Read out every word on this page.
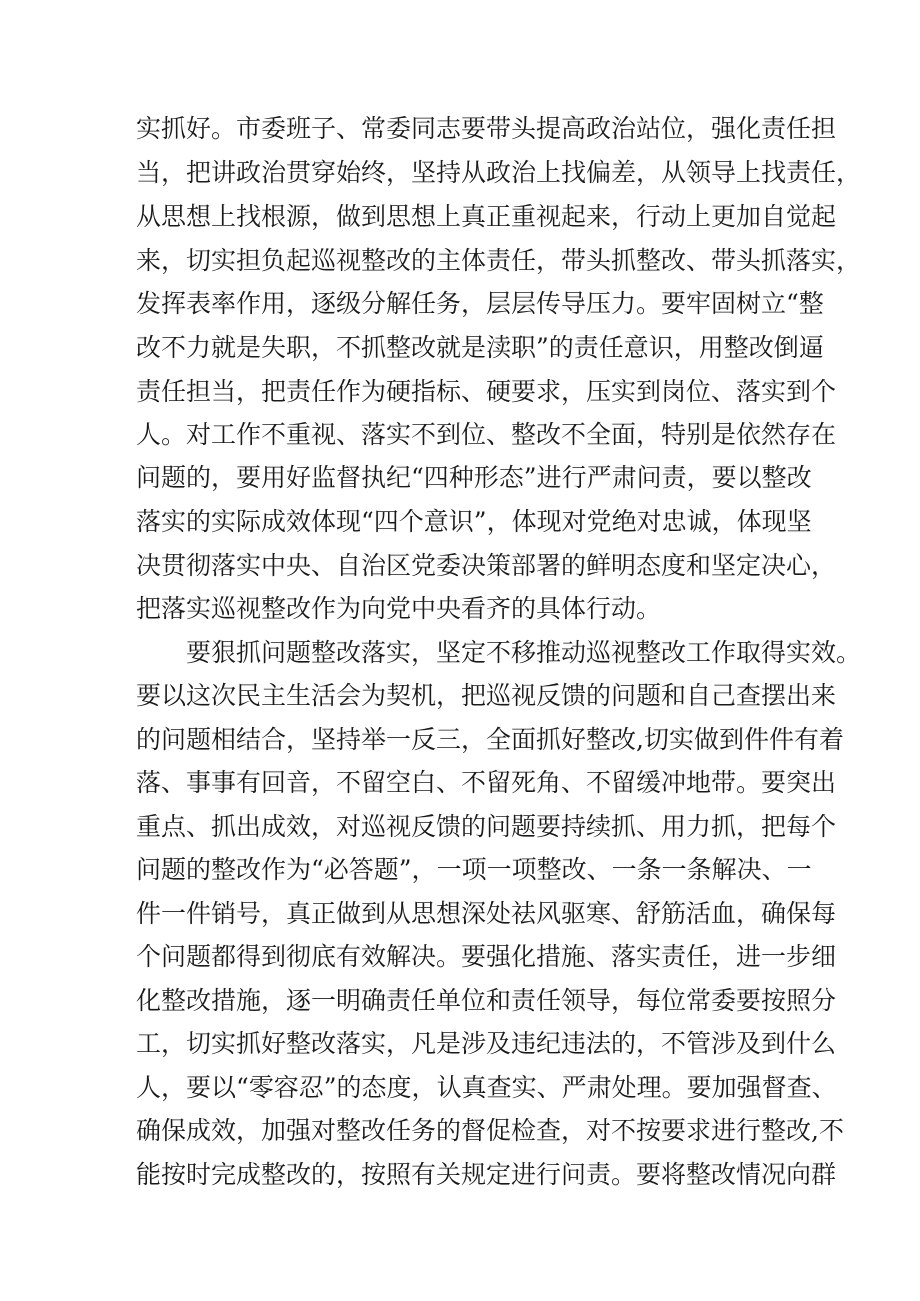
实抓好。市委班子、常委同志要带头提高政治站位，强化责任担
当，把讲政治贯穿始终，坚持从政治上找偏差，从领导上找责任，
从思想上找根源，做到思想上真正重视起来，行动上更加自觉起
来，切实担负起巡视整改的主体责任，带头抓整改、带头抓落实，
发挥表率作用，逐级分解任务，层层传导压力。要牢固树立“整
改不力就是失职，不抓整改就是渎职”的责任意识，用整改倒逼
责任担当，把责任作为硬指标、硬要求，压实到岗位、落实到个
人。对工作不重视、落实不到位、整改不全面，特别是依然存在
问题的，要用好监督执纪“四种形态”进行严肃问责，要以整改
落实的实际成效体现“四个意识”，体现对党绝对忠诚，体现坚
决贯彻落实中央、自治区党委决策部署的鲜明态度和坚定决心，
把落实巡视整改作为向党中央看齐的具体行动。
　　要狠抓问题整改落实，坚定不移推动巡视整改工作取得实效。
要以这次民主生活会为契机，把巡视反馈的问题和自己查摆出来
的问题相结合，坚持举一反三，全面抓好整改,切实做到件件有着
落、事事有回音，不留空白、不留死角、不留缓冲地带。要突出
重点、抓出成效，对巡视反馈的问题要持续抓、用力抓，把每个
问题的整改作为“必答题”，一项一项整改、一条一条解决、一
件一件销号，真正做到从思想深处祛风驱寒、舒筋活血，确保每
个问题都得到彻底有效解决。要强化措施、落实责任，进一步细
化整改措施，逐一明确责任单位和责任领导，每位常委要按照分
工，切实抓好整改落实，凡是涉及违纪违法的，不管涉及到什么
人，要以“零容忍”的态度，认真查实、严肃处理。要加强督查、
确保成效，加强对整改任务的督促检查，对不按要求进行整改,不
能按时完成整改的，按照有关规定进行问责。要将整改情况向群
